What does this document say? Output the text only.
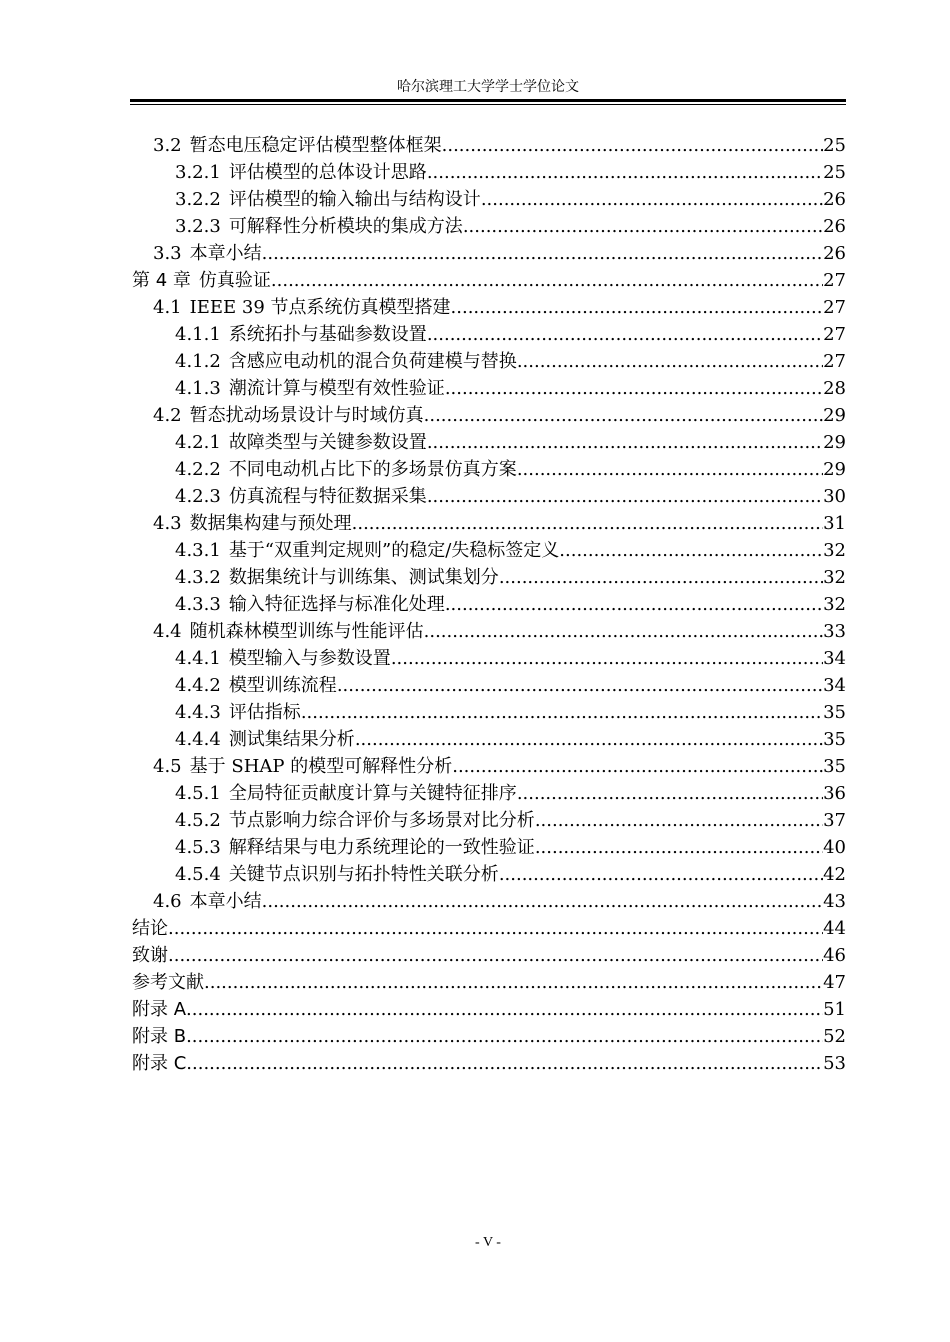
哈尔滨理工大学学士学位论文
3.2 暂态电压稳定评估模型整体框架 .....	25
3.2.1 评估模型的总体设计思路 .....	25
3.2.2 评估模型的输入输出与结构设计 .....	26
3.2.3 可解释性分析模块的集成方法 .....	26
3.3 本章小结 .....	26
第 4 章 仿真验证 .....	27
4.1 IEEE 39 节点系统仿真模型搭建 .....	27
4.1.1 系统拓扑与基础参数设置 .....	27
4.1.2 含感应电动机的混合负荷建模与替换 .....	27
4.1.3 潮流计算与模型有效性验证 .....	28
4.2 暂态扰动场景设计与时域仿真 .....	29
4.2.1 故障类型与关键参数设置 .....	29
4.2.2 不同电动机占比下的多场景仿真方案 .....	29
4.2.3 仿真流程与特征数据采集 .....	30
4.3 数据集构建与预处理 .....	31
4.3.1 基于“双重判定规则”的稳定/失稳标签定义 .....	32
4.3.2 数据集统计与训练集、测试集划分 .....	32
4.3.3 输入特征选择与标准化处理 .....	32
4.4 随机森林模型训练与性能评估 .....	33
4.4.1 模型输入与参数设置 .....	34
4.4.2 模型训练流程 .....	34
4.4.3 评估指标 .....	35
4.4.4 测试集结果分析 .....	35
4.5 基于 SHAP 的模型可解释性分析 .....	35
4.5.1 全局特征贡献度计算与关键特征排序 .....	36
4.5.2 节点影响力综合评价与多场景对比分析 .....	37
4.5.3 解释结果与电力系统理论的一致性验证 .....	40
4.5.4 关键节点识别与拓扑特性关联分析 .....	42
4.6 本章小结 .....	43
结论 .....	44
致谢 .....	46
参考文献 .....	47
附录 A .....	51
附录 B .....	52
附录 C .....	53
- V -
